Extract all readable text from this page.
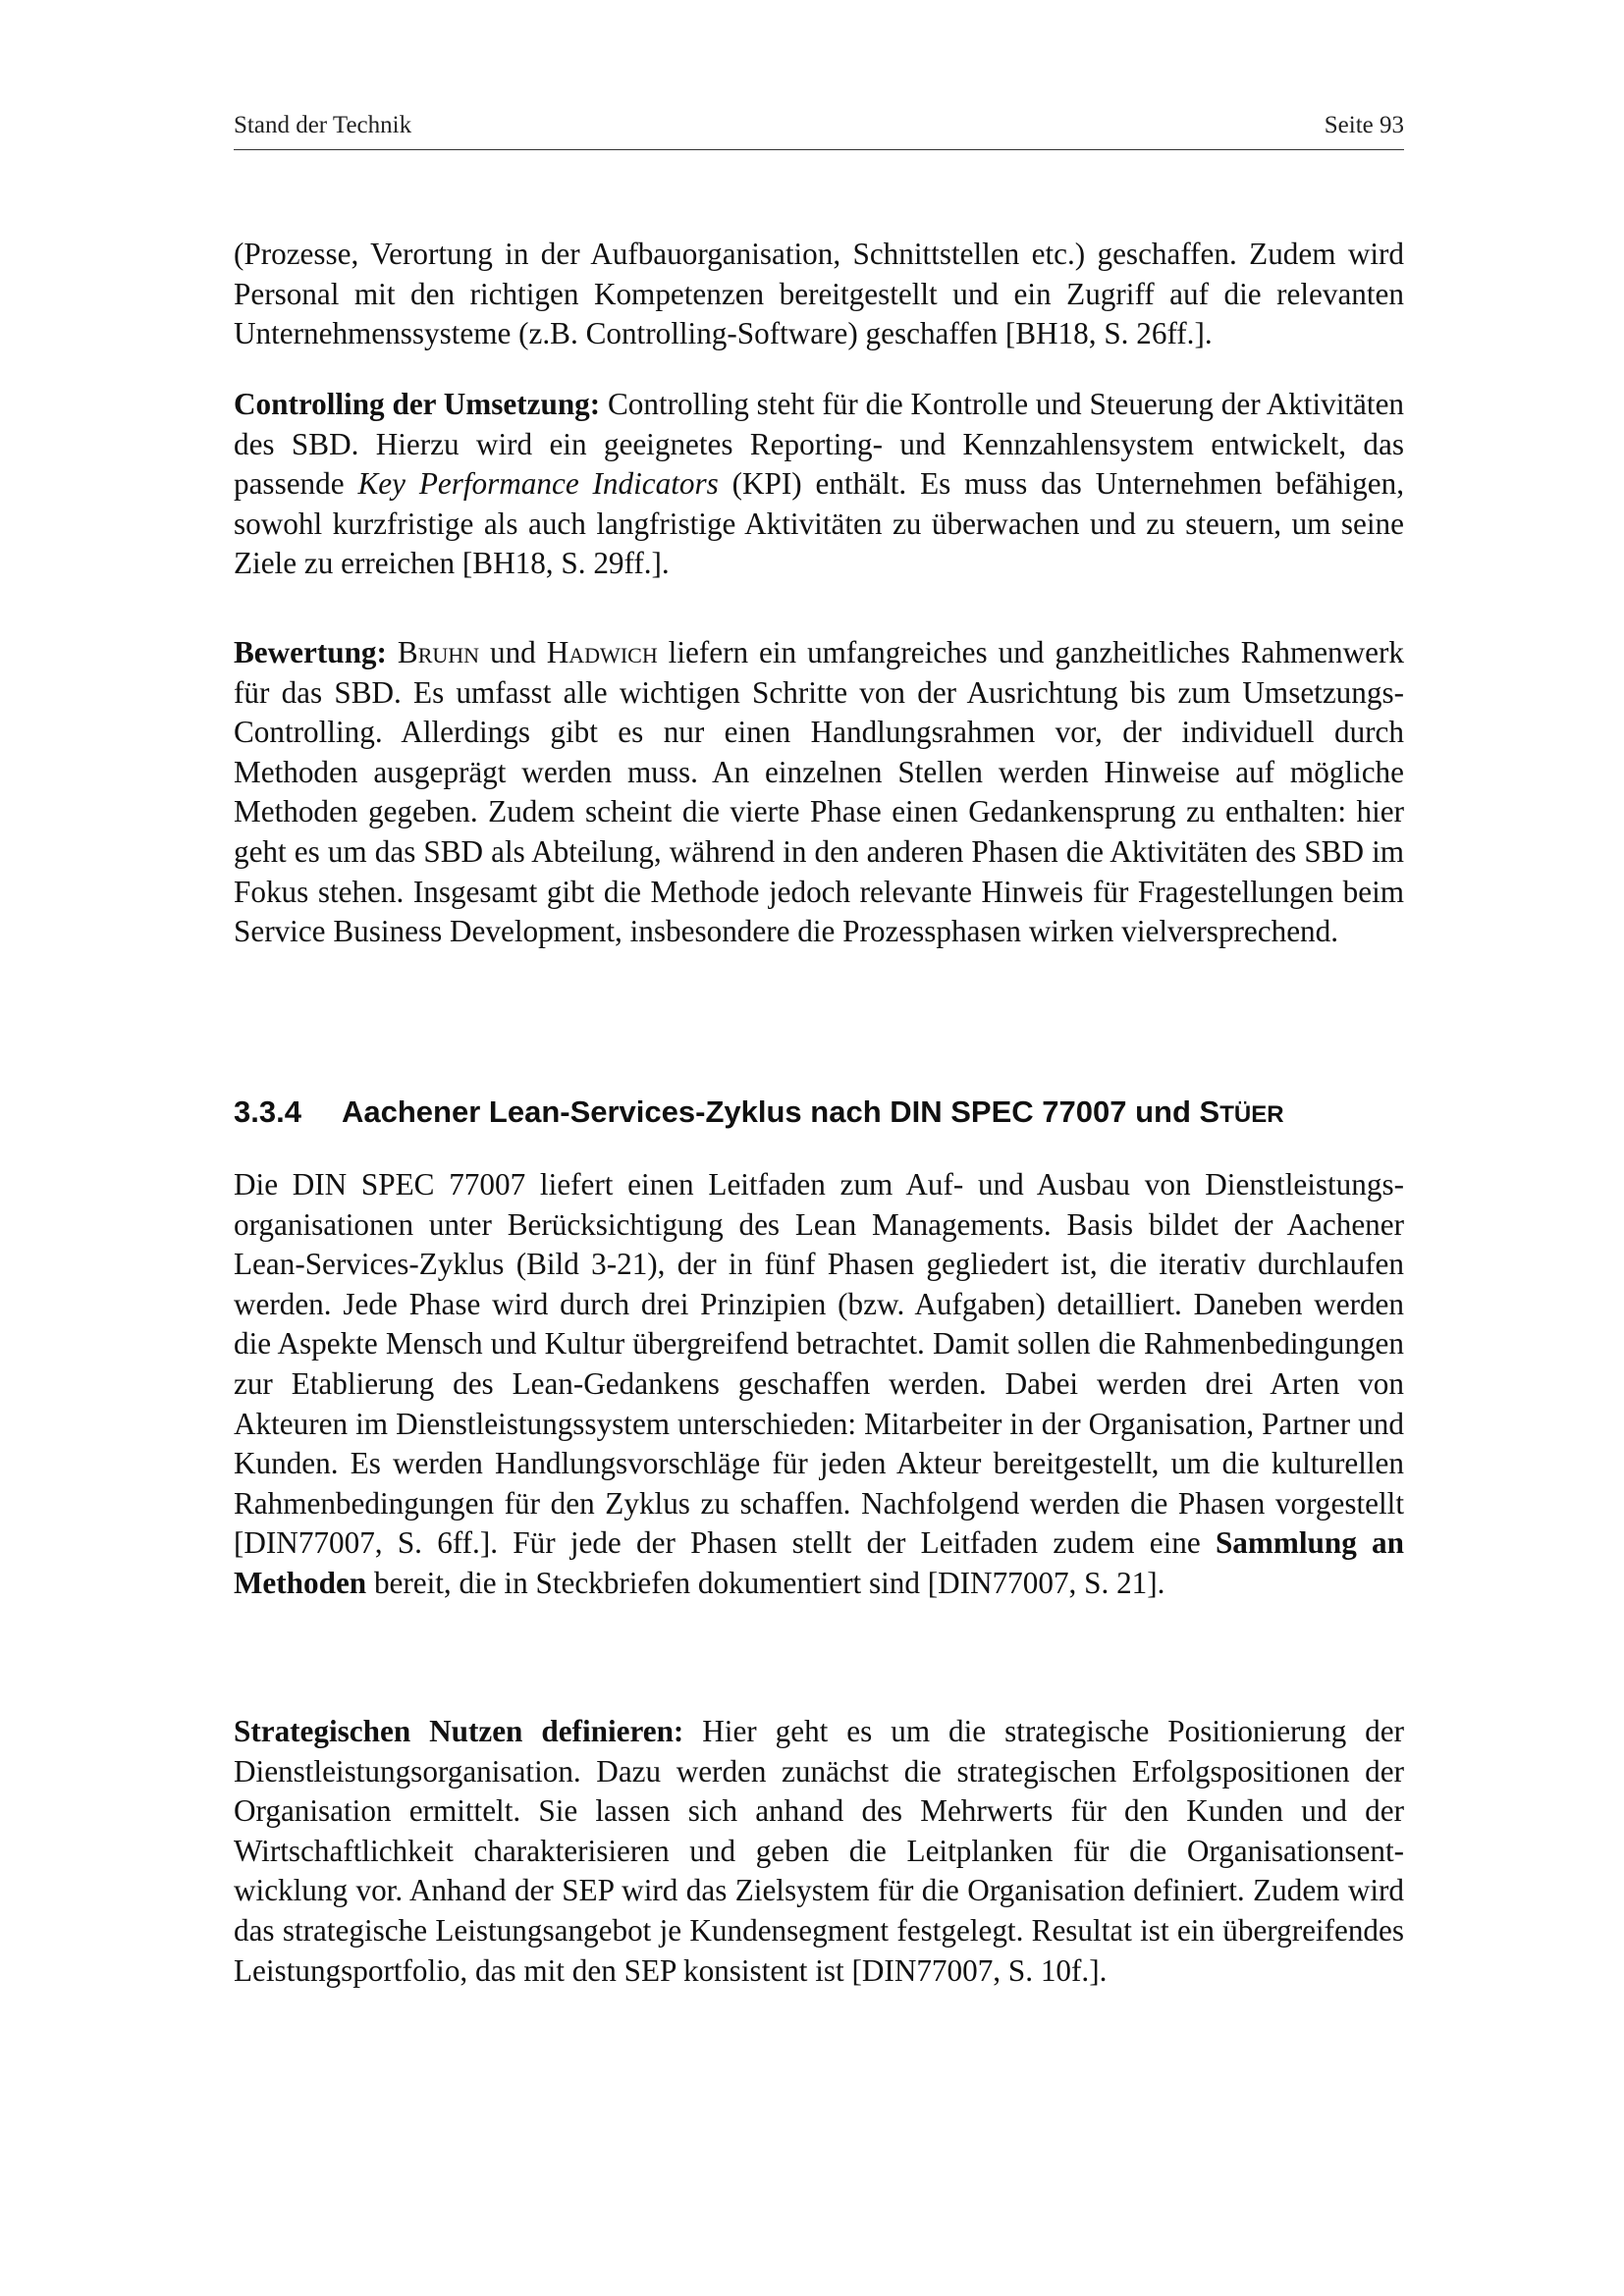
Stand der Technik	Seite 93

(Prozesse, Verortung in der Aufbauorganisation, Schnittstellen etc.) geschaffen. Zudem wird Personal mit den richtigen Kompetenzen bereitgestellt und ein Zugriff auf die relevanten Unternehmenssysteme (z.B. Controlling-Software) geschaffen [BH18, S. 26ff.].

Controlling der Umsetzung: Controlling steht für die Kontrolle und Steuerung der Aktivitäten des SBD. Hierzu wird ein geeignetes Reporting- und Kennzahlensystem entwickelt, das passende Key Performance Indicators (KPI) enthält. Es muss das Unternehmen befähigen, sowohl kurzfristige als auch langfristige Aktivitäten zu überwachen und zu steuern, um seine Ziele zu erreichen [BH18, S. 29ff.].

Bewertung: Bruhn und Hadwich liefern ein umfangreiches und ganzheitliches Rahmenwerk für das SBD. Es umfasst alle wichtigen Schritte von der Ausrichtung bis zum Umsetzungs-Controlling. Allerdings gibt es nur einen Handlungsrahmen vor, der individuell durch Methoden ausgeprägt werden muss. An einzelnen Stellen werden Hinweise auf mögliche Methoden gegeben. Zudem scheint die vierte Phase einen Gedankensprung zu enthalten: hier geht es um das SBD als Abteilung, während in den anderen Phasen die Aktivitäten des SBD im Fokus stehen. Insgesamt gibt die Methode jedoch relevante Hinweis für Fragestellungen beim Service Business Development, insbesondere die Prozessphasen wirken vielversprechend.

3.3.4 Aachener Lean-Services-Zyklus nach DIN SPEC 77007 und STÜER

Die DIN SPEC 77007 liefert einen Leitfaden zum Auf- und Ausbau von Dienstleistungsorganisationen unter Berücksichtigung des Lean Managements. Basis bildet der Aachener Lean-Services-Zyklus (Bild 3-21), der in fünf Phasen gegliedert ist, die iterativ durchlaufen werden. Jede Phase wird durch drei Prinzipien (bzw. Aufgaben) detailliert. Daneben werden die Aspekte Mensch und Kultur übergreifend betrachtet. Damit sollen die Rahmenbedingungen zur Etablierung des Lean-Gedankens geschaffen werden. Dabei werden drei Arten von Akteuren im Dienstleistungssystem unterschieden: Mitarbeiter in der Organisation, Partner und Kunden. Es werden Handlungsvorschläge für jeden Akteur bereitgestellt, um die kulturellen Rahmenbedingungen für den Zyklus zu schaffen. Nachfolgend werden die Phasen vorgestellt [DIN77007, S. 6ff.]. Für jede der Phasen stellt der Leitfaden zudem eine Sammlung an Methoden bereit, die in Steckbriefen dokumentiert sind [DIN77007, S. 21].

Strategischen Nutzen definieren: Hier geht es um die strategische Positionierung der Dienstleistungsorganisation. Dazu werden zunächst die strategischen Erfolgspositionen der Organisation ermittelt. Sie lassen sich anhand des Mehrwerts für den Kunden und der Wirtschaftlichkeit charakterisieren und geben die Leitplanken für die Organisationsentwicklung vor. Anhand der SEP wird das Zielsystem für die Organisation definiert. Zudem wird das strategische Leistungsangebot je Kundensegment festgelegt. Resultat ist ein übergreifendes Leistungsportfolio, das mit den SEP konsistent ist [DIN77007, S. 10f.].
